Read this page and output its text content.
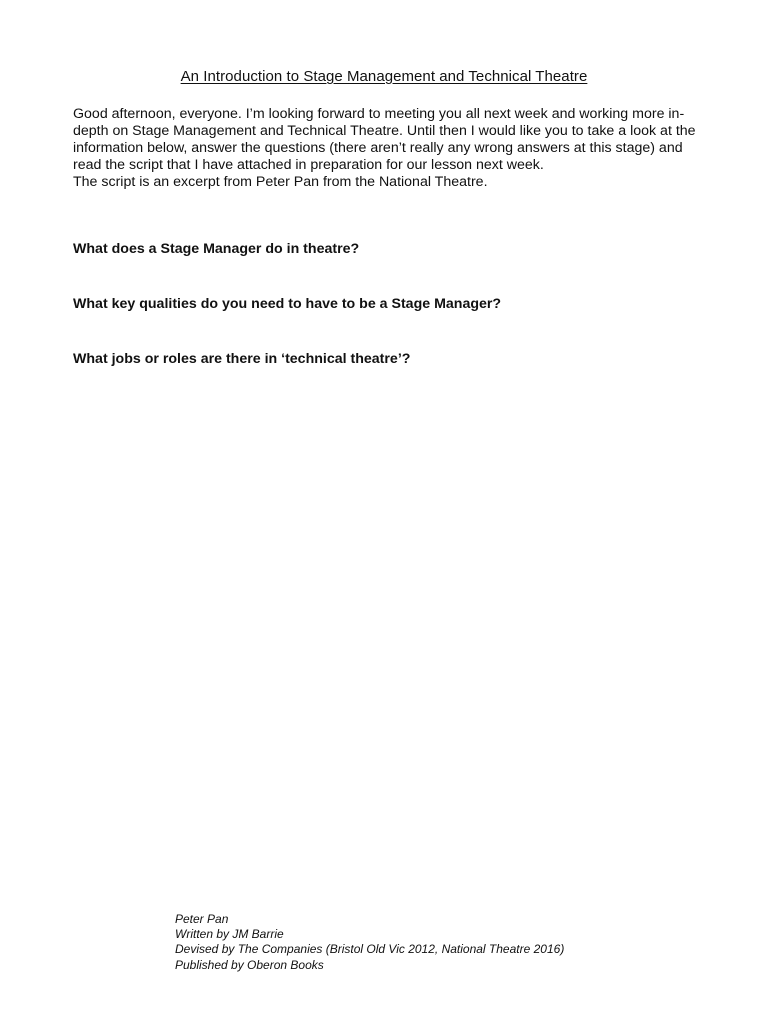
An Introduction to Stage Management and Technical Theatre

Good afternoon, everyone. I’m looking forward to meeting you all next week and working more in-depth on Stage Management and Technical Theatre. Until then I would like you to take a look at the information below, answer the questions (there aren’t really any wrong answers at this stage) and read the script that I have attached in preparation for our lesson next week.

The script is an excerpt from Peter Pan from the National Theatre.

What does a Stage Manager do in theatre?
What key qualities do you need to have to be a Stage Manager?
What jobs or roles are there in ‘technical theatre’?
Peter Pan
Written by JM Barrie
Devised by The Companies (Bristol Old Vic 2012, National Theatre 2016)
Published by Oberon Books
